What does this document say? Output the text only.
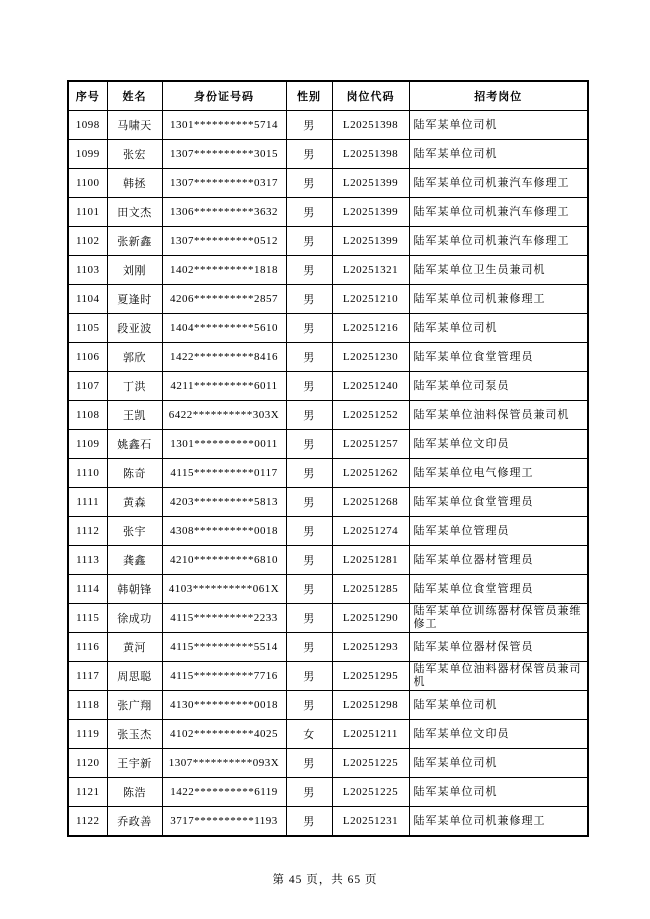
序号	姓名	身份证号码	性别	岗位代码	招考岗位
1098	马啸天	1301**********5714	男	L20251398	陆军某单位司机
1099	张宏	1307**********3015	男	L20251398	陆军某单位司机
1100	韩拯	1307**********0317	男	L20251399	陆军某单位司机兼汽车修理工
1101	田文杰	1306**********3632	男	L20251399	陆军某单位司机兼汽车修理工
1102	张新鑫	1307**********0512	男	L20251399	陆军某单位司机兼汽车修理工
1103	刘刚	1402**********1818	男	L20251321	陆军某单位卫生员兼司机
1104	夏逢时	4206**********2857	男	L20251210	陆军某单位司机兼修理工
1105	段亚波	1404**********5610	男	L20251216	陆军某单位司机
1106	郭欣	1422**********8416	男	L20251230	陆军某单位食堂管理员
1107	丁洪	4211**********6011	男	L20251240	陆军某单位司泵员
1108	王凯	6422**********303X	男	L20251252	陆军某单位油料保管员兼司机
1109	姚鑫石	1301**********0011	男	L20251257	陆军某单位文印员
1110	陈奇	4115**********0117	男	L20251262	陆军某单位电气修理工
1111	黄森	4203**********5813	男	L20251268	陆军某单位食堂管理员
1112	张宇	4308**********0018	男	L20251274	陆军某单位管理员
1113	龚鑫	4210**********6810	男	L20251281	陆军某单位器材管理员
1114	韩朝锋	4103**********061X	男	L20251285	陆军某单位食堂管理员
1115	徐成功	4115**********2233	男	L20251290	陆军某单位训练器材保管员兼维修工
1116	黄河	4115**********5514	男	L20251293	陆军某单位器材保管员
1117	周思聪	4115**********7716	男	L20251295	陆军某单位油料器材保管员兼司机
1118	张广翔	4130**********0018	男	L20251298	陆军某单位司机
1119	张玉杰	4102**********4025	女	L20251211	陆军某单位文印员
1120	王宇新	1307**********093X	男	L20251225	陆军某单位司机
1121	陈浩	1422**********6119	男	L20251225	陆军某单位司机
1122	乔政善	3717**********1193	男	L20251231	陆军某单位司机兼修理工
第 45 页，共 65 页
